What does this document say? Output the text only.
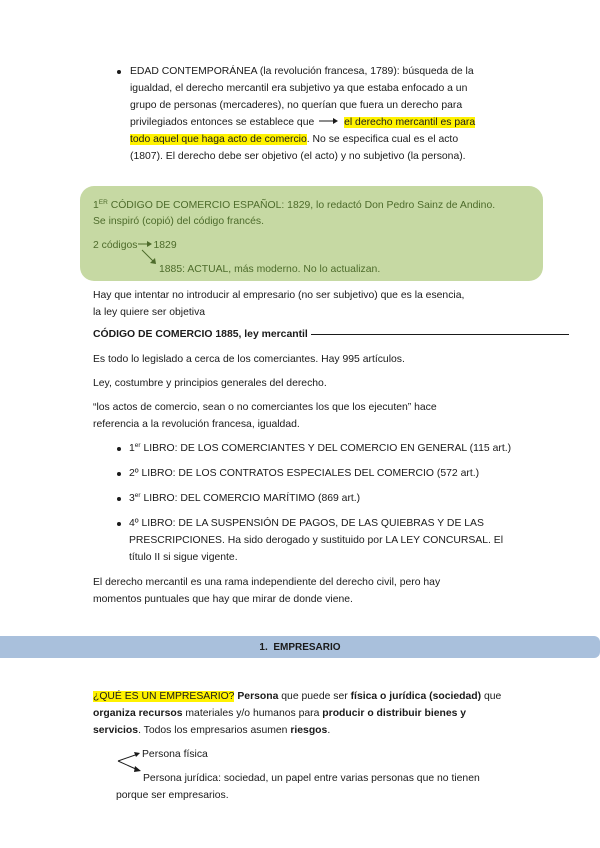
EDAD CONTEMPORÁNEA (la revolución francesa, 1789): búsqueda de la
igualdad, el derecho mercantil era subjetivo ya que estaba enfocado a un
grupo de personas (mercaderes), no querían que fuera un derecho para
privilegiados entonces se establece que	el derecho mercantil es para
todo aquel que haga acto de comercio. No se especifica cual es el acto
(1807). El derecho debe ser objetivo (el acto) y no subjetivo (la persona).
1ER CÓDIGO DE COMERCIO ESPAÑOL: 1829, lo redactó Don Pedro Sainz de Andino.
Se inspiró (copió) del código francés.
2 códigos 1829
1885: ACTUAL, más moderno. No lo actualizan.
Hay que intentar no introducir al empresario (no ser subjetivo) que es la esencia,
la ley quiere ser objetiva
CÓDIGO DE COMERCIO 1885, ley mercantil
Es todo lo legislado a cerca de los comerciantes. Hay 995 artículos.
Ley, costumbre y principios generales del derecho.
“los actos de comercio, sean o no comerciantes los que los ejecuten” hace
referencia a la revolución francesa, igualdad.
1er LIBRO: DE LOS COMERCIANTES Y DEL COMERCIO EN GENERAL (115 art.)
2º LIBRO: DE LOS CONTRATOS ESPECIALES DEL COMERCIO (572 art.)
3er LIBRO: DEL COMERCIO MARÍTIMO (869 art.)
4º LIBRO: DE LA SUSPENSIÓN DE PAGOS, DE LAS QUIEBRAS Y DE LAS
PRESCRIPCIONES. Ha sido derogado y sustituido por LA LEY CONCURSAL. El
título II si sigue vigente.
El derecho mercantil es una rama independiente del derecho civil, pero hay
momentos puntuales que hay que mirar de donde viene.
1. EMPRESARIO
¿QUÉ ES UN EMPRESARIO? Persona que puede ser física o jurídica (sociedad) que
organiza recursos materiales y/o humanos para producir o distribuir bienes y
servicios. Todos los empresarios asumen riesgos.
Persona física
Persona jurídica: sociedad, un papel entre varias personas que no tienen
porque ser empresarios.
